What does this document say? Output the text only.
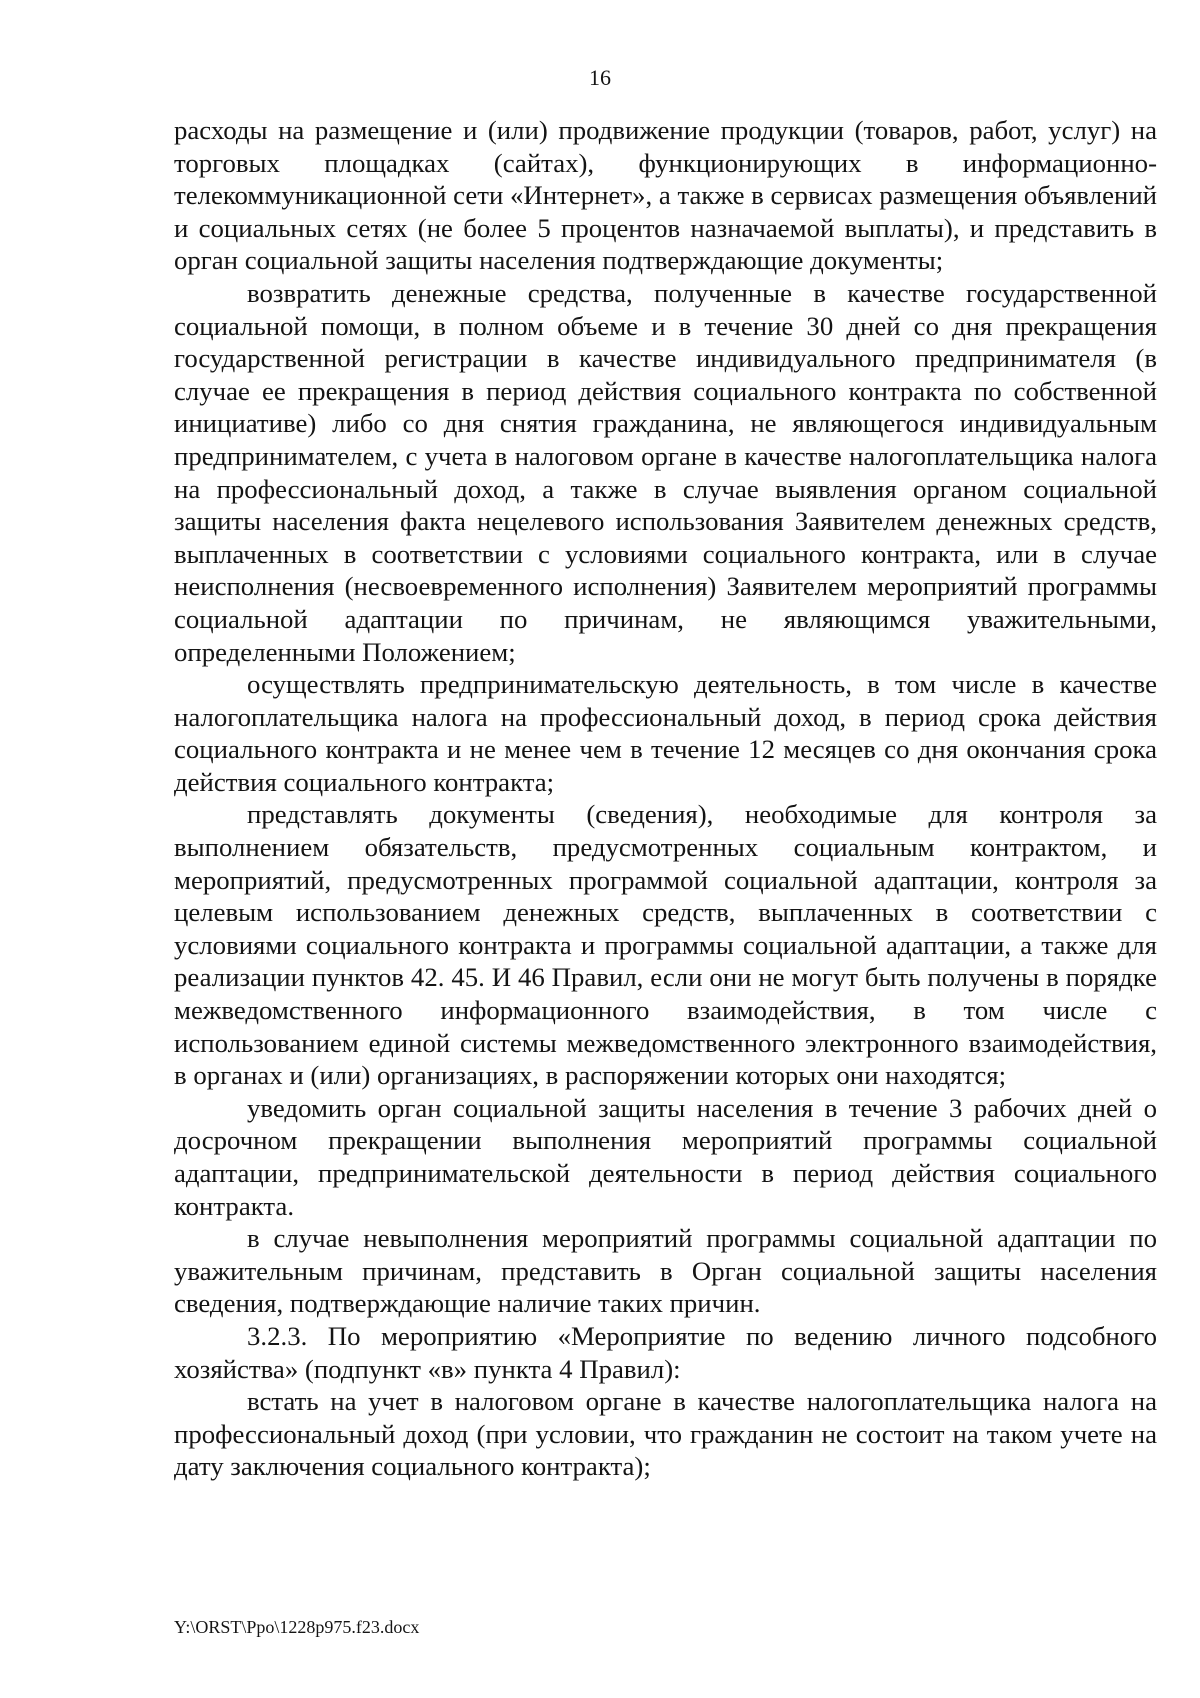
16

расходы на размещение и (или) продвижение продукции (товаров, работ, услуг) на торговых площадках (сайтах), функционирующих в информационно-телекоммуникационной сети «Интернет», а также в сервисах размещения объявлений и социальных сетях (не более 5 процентов назначаемой выплаты), и представить в орган социальной защиты населения подтверждающие документы;

возвратить денежные средства, полученные в качестве государственной социальной помощи, в полном объеме и в течение 30 дней со дня прекращения государственной регистрации в качестве индивидуального предпринимателя (в случае ее прекращения в период действия социального контракта по собственной инициативе) либо со дня снятия гражданина, не являющегося индивидуальным предпринимателем, с учета в налоговом органе в качестве налогоплательщика налога на профессиональный доход, а также в случае выявления органом социальной защиты населения факта нецелевого использования Заявителем денежных средств, выплаченных в соответствии с условиями социального контракта, или в случае неисполнения (несвоевременного исполнения) Заявителем мероприятий программы социальной адаптации по причинам, не являющимся уважительными, определенными Положением;

осуществлять предпринимательскую деятельность, в том числе в качестве налогоплательщика налога на профессиональный доход, в период срока действия социального контракта и не менее чем в течение 12 месяцев со дня окончания срока действия социального контракта;

представлять документы (сведения), необходимые для контроля за выполнением обязательств, предусмотренных социальным контрактом, и мероприятий, предусмотренных программой социальной адаптации, контроля за целевым использованием денежных средств, выплаченных в соответствии с условиями социального контракта и программы социальной адаптации, а также для реализации пунктов 42. 45. И 46 Правил, если они не могут быть получены в порядке межведомственного информационного взаимодействия, в том числе с использованием единой системы межведомственного электронного взаимодействия, в органах и (или) организациях, в распоряжении которых они находятся;

уведомить орган социальной защиты населения в течение 3 рабочих дней о досрочном прекращении выполнения мероприятий программы социальной адаптации, предпринимательской деятельности в период действия социального контракта.

в случае невыполнения мероприятий программы социальной адаптации по уважительным причинам, представить в Орган социальной защиты населения сведения, подтверждающие наличие таких причин.

3.2.3. По мероприятию «Мероприятие по ведению личного подсобного хозяйства» (подпункт «в» пункта 4 Правил):

встать на учет в налоговом органе в качестве налогоплательщика налога на профессиональный доход (при условии, что гражданин не состоит на таком учете на дату заключения социального контракта);

Y:\ORST\Ppo\1228p975.f23.docx
